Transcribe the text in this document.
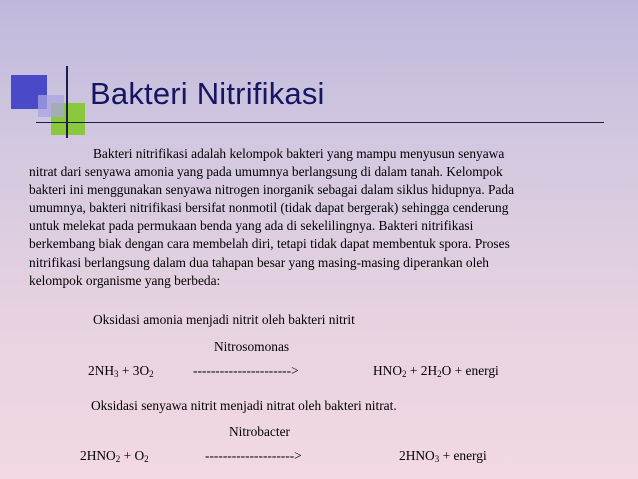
Bakteri Nitrifikasi
Bakteri nitrifikasi adalah kelompok bakteri yang mampu menyusun senyawa
nitrat dari senyawa amonia yang pada umumnya berlangsung di dalam tanah. Kelompok
bakteri ini menggunakan senyawa nitrogen inorganik sebagai dalam siklus hidupnya. Pada
umumnya, bakteri nitrifikasi bersifat nonmotil (tidak dapat bergerak) sehingga cenderung
untuk melekat pada permukaan benda yang ada di sekelilingnya. Bakteri nitrifikasi
berkembang biak dengan cara membelah diri, tetapi tidak dapat membentuk spora. Proses
nitrifikasi berlangsung dalam dua tahapan besar yang masing-masing diperankan oleh
kelompok organisme yang berbeda:
Oksidasi amonia menjadi nitrit oleh bakteri nitrit
Nitrosomonas
$2NH_3 + 3O_2$	---------------------->	$HNO_2 + 2H_2O$ + energi
Oksidasi senyawa nitrit menjadi nitrat oleh bakteri nitrat.
Nitrobacter
$2HNO_2 + O_2$	-------------------->	$2HNO_3$ + energi
